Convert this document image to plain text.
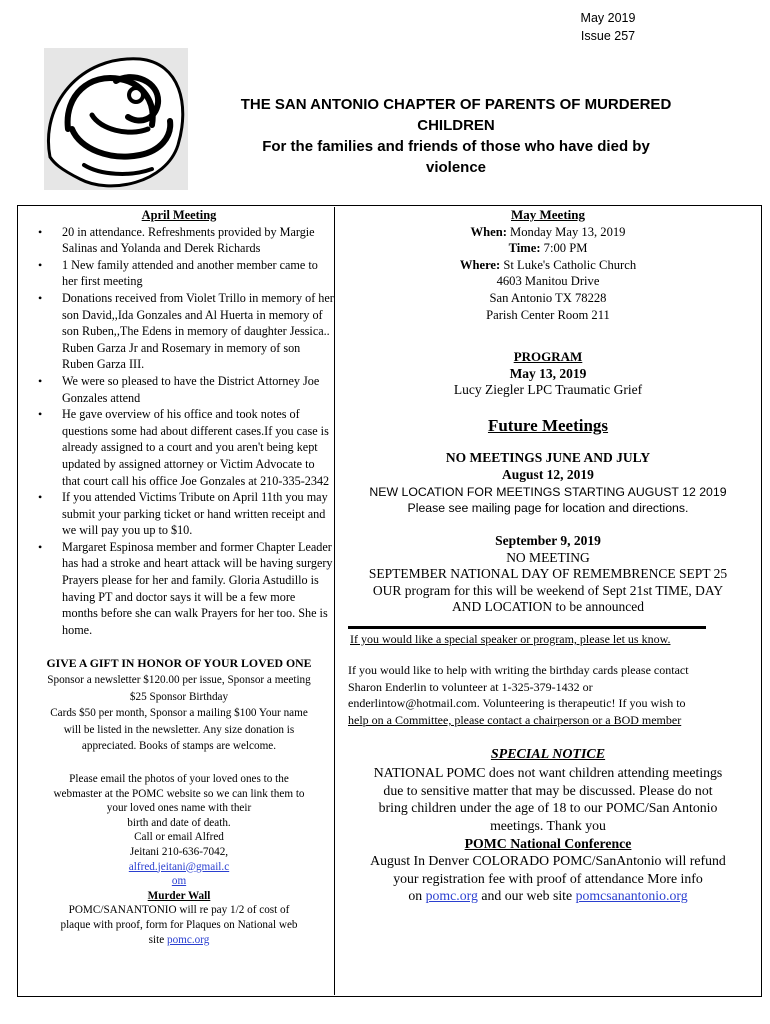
May 2019
Issue 257
THE SAN ANTONIO CHAPTER OF PARENTS OF MURDERED
CHILDREN
For the families and friends of those who have died by
violence
April Meeting
• 20 in attendance. Refreshments provided by Margie Salinas and Yolanda and Derek Richards
• 1 New family attended and another member came to her first meeting
• Donations received from Violet Trillo in memory of her son David,,Ida Gonzales and Al Huerta in memory of son Ruben,,The Edens in memory of daughter Jessica.. Ruben Garza Jr and Rosemary in memory of son Ruben Garza III.
• We were so pleased to have the District Attorney Joe Gonzales attend
• He gave overview of his office and took notes of questions some had about different cases.If you case is already assigned to a court and you aren't being kept updated by assigned attorney or Victim Advocate to that court call his office Joe Gonzales at 210-335-2342
• If you attended Victims Tribute on April 11th you may submit your parking ticket or hand written receipt and we will pay you up to $10.
• Margaret Espinosa member and former Chapter Leader has had a stroke and heart attack will be having surgery Prayers please for her and family. Gloria Astudillo is having PT and doctor says it will be a few more months before she can walk Prayers for her too. She is home.
GIVE A GIFT IN HONOR OF YOUR LOVED ONE
Sponsor a newsletter $120.00 per issue, Sponsor a meeting
$25 Sponsor Birthday
Cards $50 per month, Sponsor a mailing $100 Your name
will be listed in the newsletter. Any size donation is
appreciated. Books of stamps are welcome.
Please email the photos of your loved ones to the
webmaster at the POMC website so we can link them to
your loved ones name with their
birth and date of death.
Call or email Alfred
Jeitani 210-636-7042,
alfred.jeitani@gmail.c
om
Murder Wall
POMC/SANANTONIO will re pay 1/2 of cost of
plaque with proof, form for Plaques on National web
site pomc.org
May Meeting
When: Monday May 13, 2019
Time: 7:00 PM
Where: St Luke's Catholic Church
4603 Manitou Drive
San Antonio TX 78228
Parish Center Room 211
PROGRAM
May 13, 2019
Lucy Ziegler LPC Traumatic Grief
Future Meetings
NO MEETINGS JUNE AND JULY
August 12, 2019
NEW LOCATION FOR MEETINGS STARTING AUGUST 12 2019
Please see mailing page for location and directions.
September 9, 2019
NO MEETING
SEPTEMBER NATIONAL DAY OF REMEMBRENCE SEPT 25
OUR program for this will be weekend of Sept 21st TIME, DAY
AND LOCATION to be announced
If you would like a special speaker or program, please let us know.
If you would like to help with writing the birthday cards please contact
Sharon Enderlin to volunteer at 1-325-379-1432 or
enderlintow@hotmail.com. Volunteering is therapeutic! If you wish to
help on a Committee, please contact a chairperson or a BOD member
SPECIAL NOTICE
NATIONAL POMC does not want children attending meetings
due to sensitive matter that may be discussed. Please do not
bring children under the age of 18 to our POMC/San Antonio
meetings. Thank you
POMC National Conference
August In Denver COLORADO POMC/SanAntonio will refund
your registration fee with proof of attendance More info
on pomc.org and our web site pomcsanantonio.org
